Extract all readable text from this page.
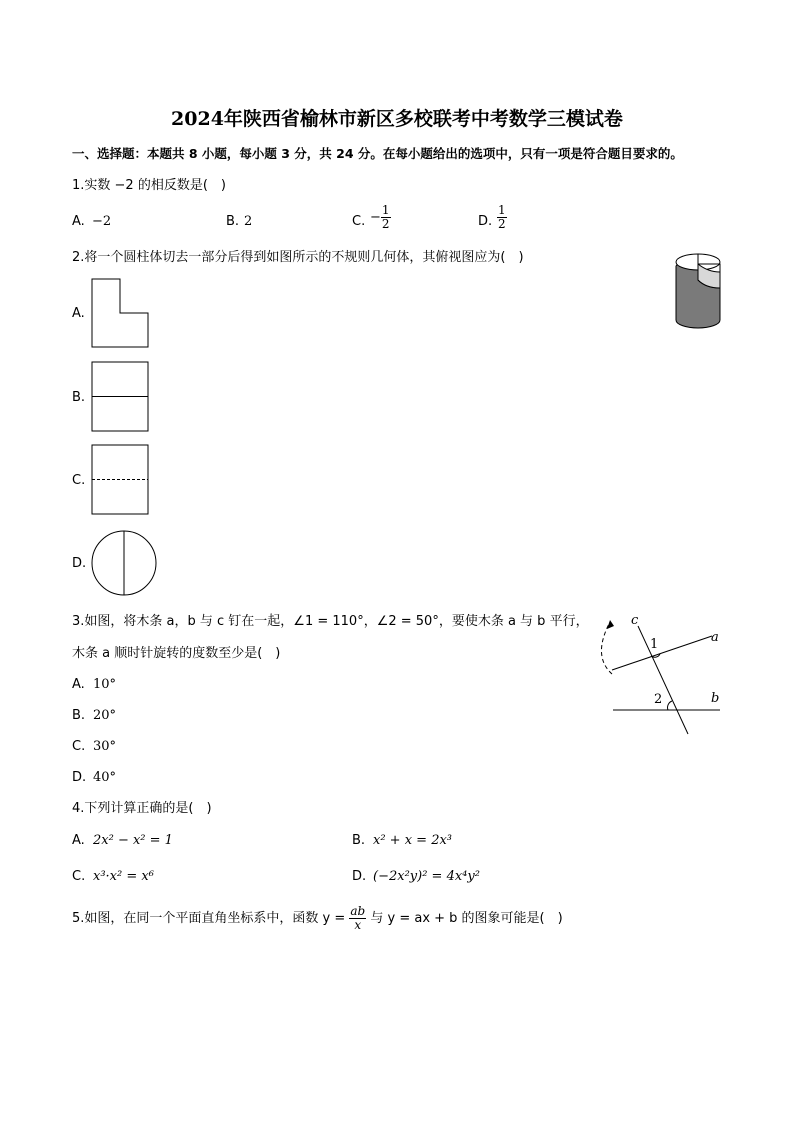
2024年陕西省榆林市新区多校联考中考数学三模试卷
一、选择题：本题共 8 小题，每小题 3 分，共 24 分。在每小题给出的选项中，只有一项是符合题目要求的。
1.实数 −2 的相反数是(　)
A. −2	B. 2	C. − $\frac{1}{2}$	D. $\frac{1}{2}$
2.将一个圆柱体切去一部分后得到如图所示的不规则几何体，其俯视图应为(　)
A.
B.
C.
D.
3.如图，将木条 a，b 与 c 钉在一起，∠1 = 110°，∠2 = 50°，要使木条 a 与 b 平行，
木条 a 顺时针旋转的度数至少是(　)
A. 10°
B. 20°
C. 30°
D. 40°
c
a
b
1
2
4.下列计算正确的是(　)
A. 2x² − x² = 1	B. x² + x = 2x³
C. x³·x² = x⁶	D. (−2x²y)² = 4x⁴y²
5.如图，在同一个平面直角坐标系中，函数 $y = \frac{ab}{x}$ 与 y = ax + b 的图象可能是(　)
